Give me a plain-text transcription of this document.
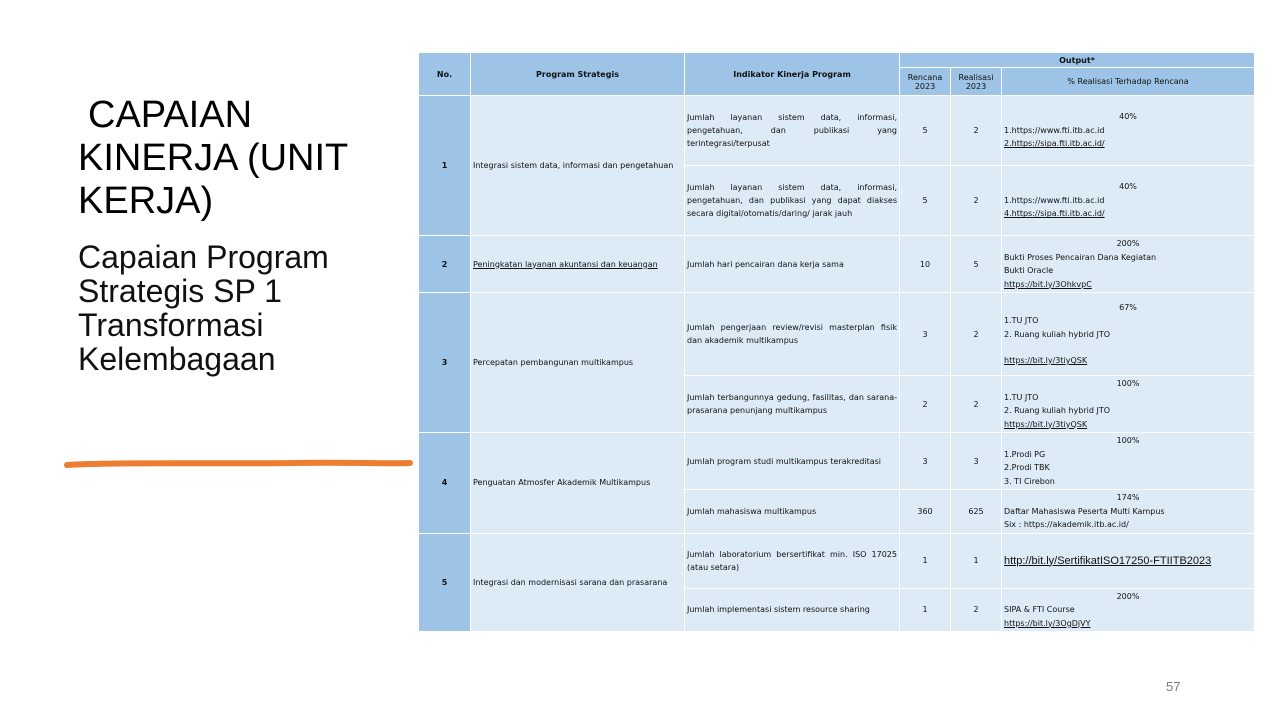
CAPAIAN
KINERJA (UNIT
KERJA)
Capaian Program
Strategis SP 1
Transformasi
Kelembagaan
No.	Program Strategis	Indikator Kinerja Program	Output*		
			Rencana 2023	Realisasi 2023	% Realisasi Terhadap Rencana
1	Integrasi sistem data, informasi dan pengetahuan	Jumlah layanan sistem data, informasi, pengetahuan, dan publikasi yang terintegrasi/terpusat	5	2	40%
1.https://www.fti.itb.ac.id
2.https://sipa.fti.itb.ac.id/

		Jumlah layanan sistem data, informasi, pengetahuan, dan publikasi yang dapat diakses secara digital/otomatis/daring/ jarak jauh	5	2	40%
1.https://www.fti.itb.ac.id
4.https://sipa.fti.itb.ac.id/

2	Peningkatan layanan akuntansi dan keuangan	Jumlah hari pencairan dana kerja sama	10	5	200%
Bukti Proses Pencairan Dana Kegiatan
Bukti Oracle
https://bit.ly/3OhkvpC

3	Percepatan pembangunan multikampus	Jumlah pengerjaan review/revisi masterplan fisik dan akademik multikampus	3	2	67%
1.TU JTO
2. Ruang kuliah hybrid JTO
https://bit.ly/3tiyQSK

		Jumlah terbangunnya gedung, fasilitas, dan sarana-prasarana penunjang multikampus	2	2	100%
1.TU JTO
2. Ruang kuliah hybrid JTO
https://bit.ly/3tiyQSK

4	Penguatan Atmosfer Akademik Multikampus	Jumlah program studi multikampus terakreditasi	3	3	100%
1.Prodi PG
2.Prodi TBK
3. TI Cirebon

		Jumlah mahasiswa multikampus	360	625	174%
Daftar Mahasiswa Peserta Multi Kampus
Six : https://akademik.itb.ac.id/

5	Integrasi dan modernisasi sarana dan prasarana	Jumlah laboratorium bersertifikat min. ISO 17025 (atau setara)	1	1	http://bit.ly/SertifikatISO17250-FTIITB2023
		Jumlah implementasi sistem resource sharing	1	2	200%
SIPA & FTI Course
https://bit.ly/3OgDjVY
57
